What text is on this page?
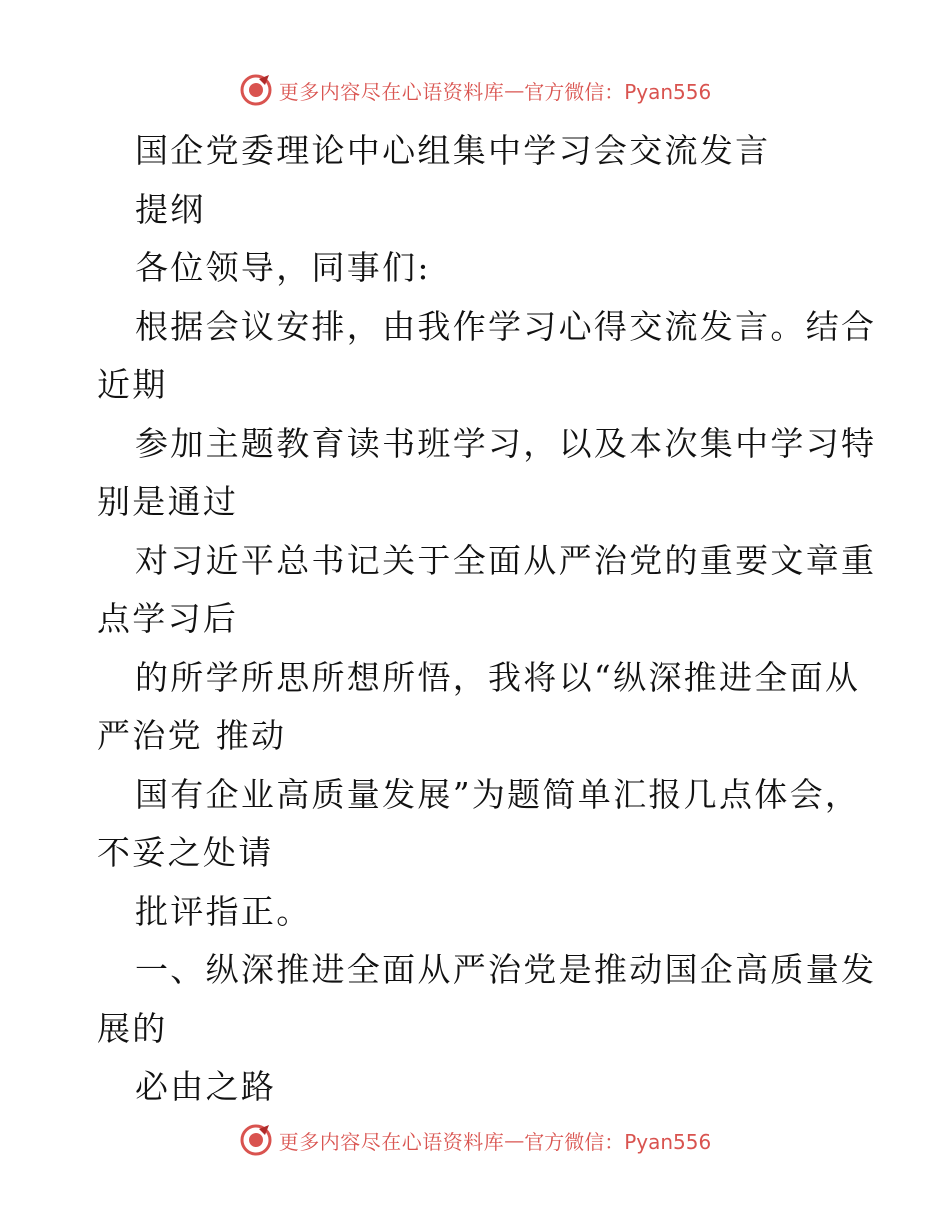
更多内容尽在心语资料库 — 官方微信：Pyan556
国企党委理论中心组集中学习会交流发言
提纲
各位领导，同事们:
根据会议安排，由我作学习心得交流发言。结合
近期
参加主题教育读书班学习，以及本次集中学习特
别是通过
对习近平总书记关于全面从严治党的重要文章重
点学习后
的所学所思所想所悟，我将以“纵深推进全面从
严治党 推动
国有企业高质量发展”为题简单汇报几点体会，
不妥之处请
批评指正。
一、纵深推进全面从严治党是推动国企高质量发
展的
必由之路
更多内容尽在心语资料库 — 官方微信：Pyan556
